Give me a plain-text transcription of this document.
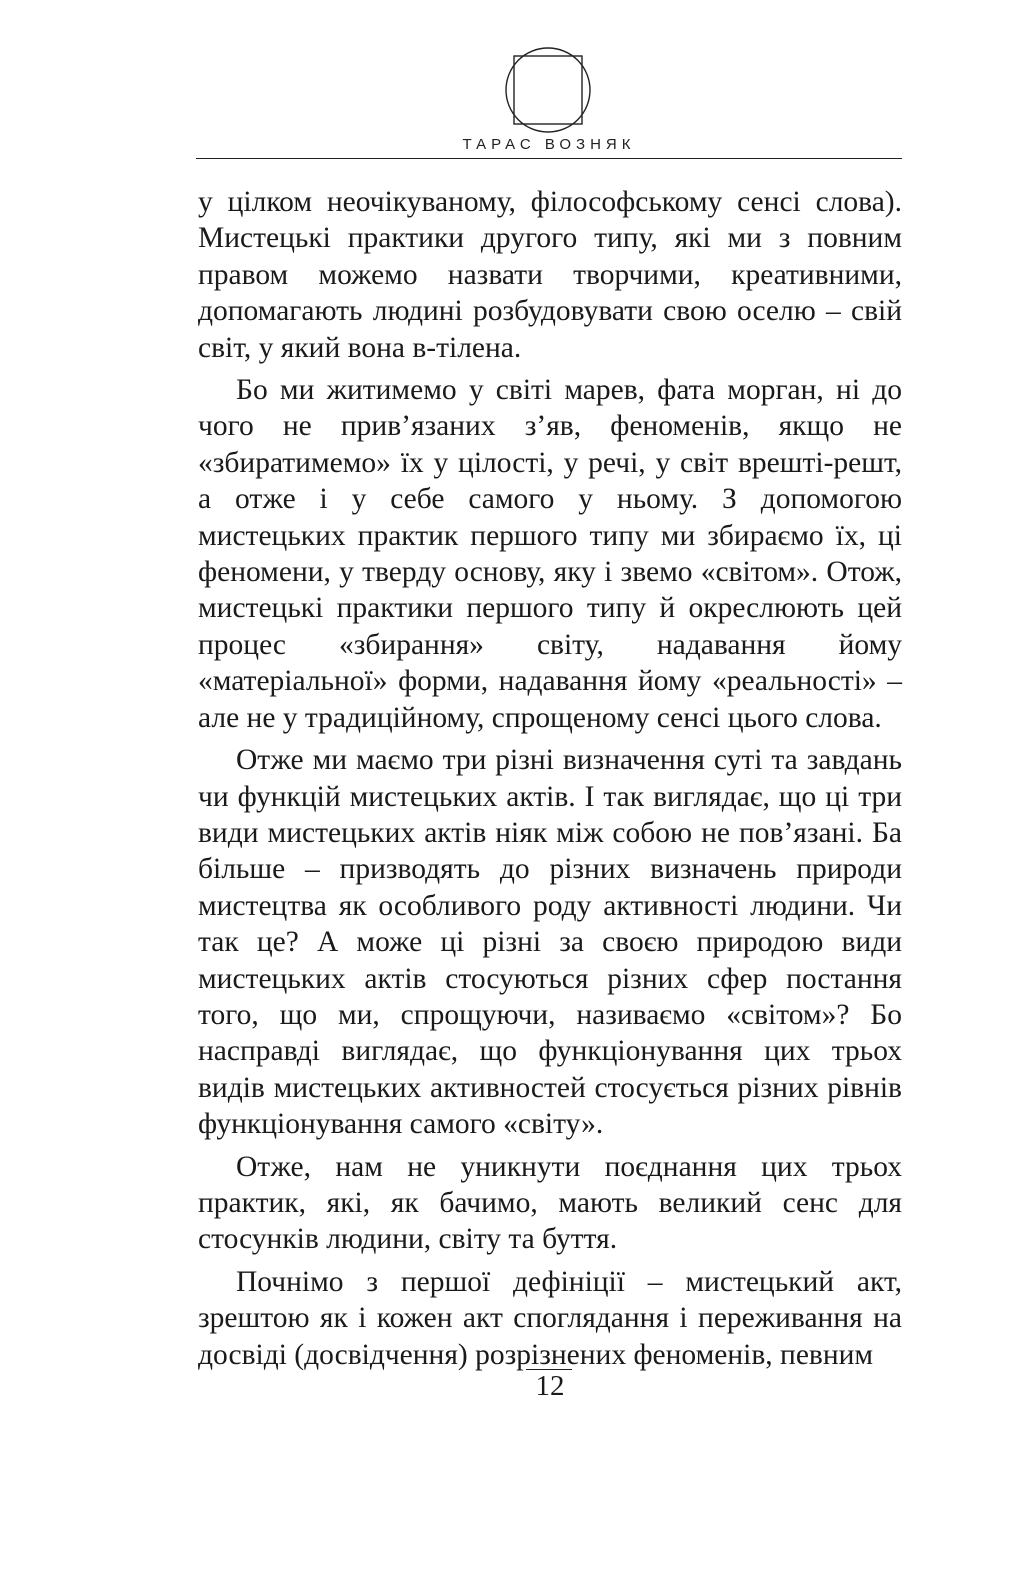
ТАРАС ВОЗНЯК

у цілком неочікуваному, філософському сенсі слова). Мистецькі практики другого типу, які ми з повним правом можемо назвати творчими, креативними, допомагають людині розбудовувати свою оселю – свій світ, у який вона в-тілена.

Бо ми житимемо у світі марев, фата морган, ні до чого не прив’язаних з’яв, феноменів, якщо не «збиратимемо» їх у цілості, у речі, у світ врешті-решт, а отже і у себе самого у ньому. З допомогою мистецьких практик першого типу ми збираємо їх, ці феномени, у тверду основу, яку і звемо «світом». Отож, мистецькі практики першого типу й окреслюють цей процес «збирання» світу, надавання йому «матеріальної» форми, надавання йому «реальності» – але не у традиційному, спрощеному сенсі цього слова.

Отже ми маємо три різні визначення суті та завдань чи функцій мистецьких актів. І так виглядає, що ці три види мистецьких актів ніяк між собою не пов’язані. Ба більше – призводять до різних визначень природи мистецтва як особливого роду активності людини. Чи так це? А може ці різні за своєю природою види мистецьких актів стосуються різних сфер постання того, що ми, спрощуючи, називаємо «світом»? Бо насправді виглядає, що функціонування цих трьох видів мистецьких активностей стосується різних рівнів функціонування самого «світу».

Отже, нам не уникнути поєднання цих трьох практик, які, як бачимо, мають великий сенс для стосунків людини, світу та буття.

Почнімо з першої дефініції – мистецький акт, зрештою як і кожен акт споглядання і переживання на досвіді (досвідчення) розрізнених феноменів, певним

12
